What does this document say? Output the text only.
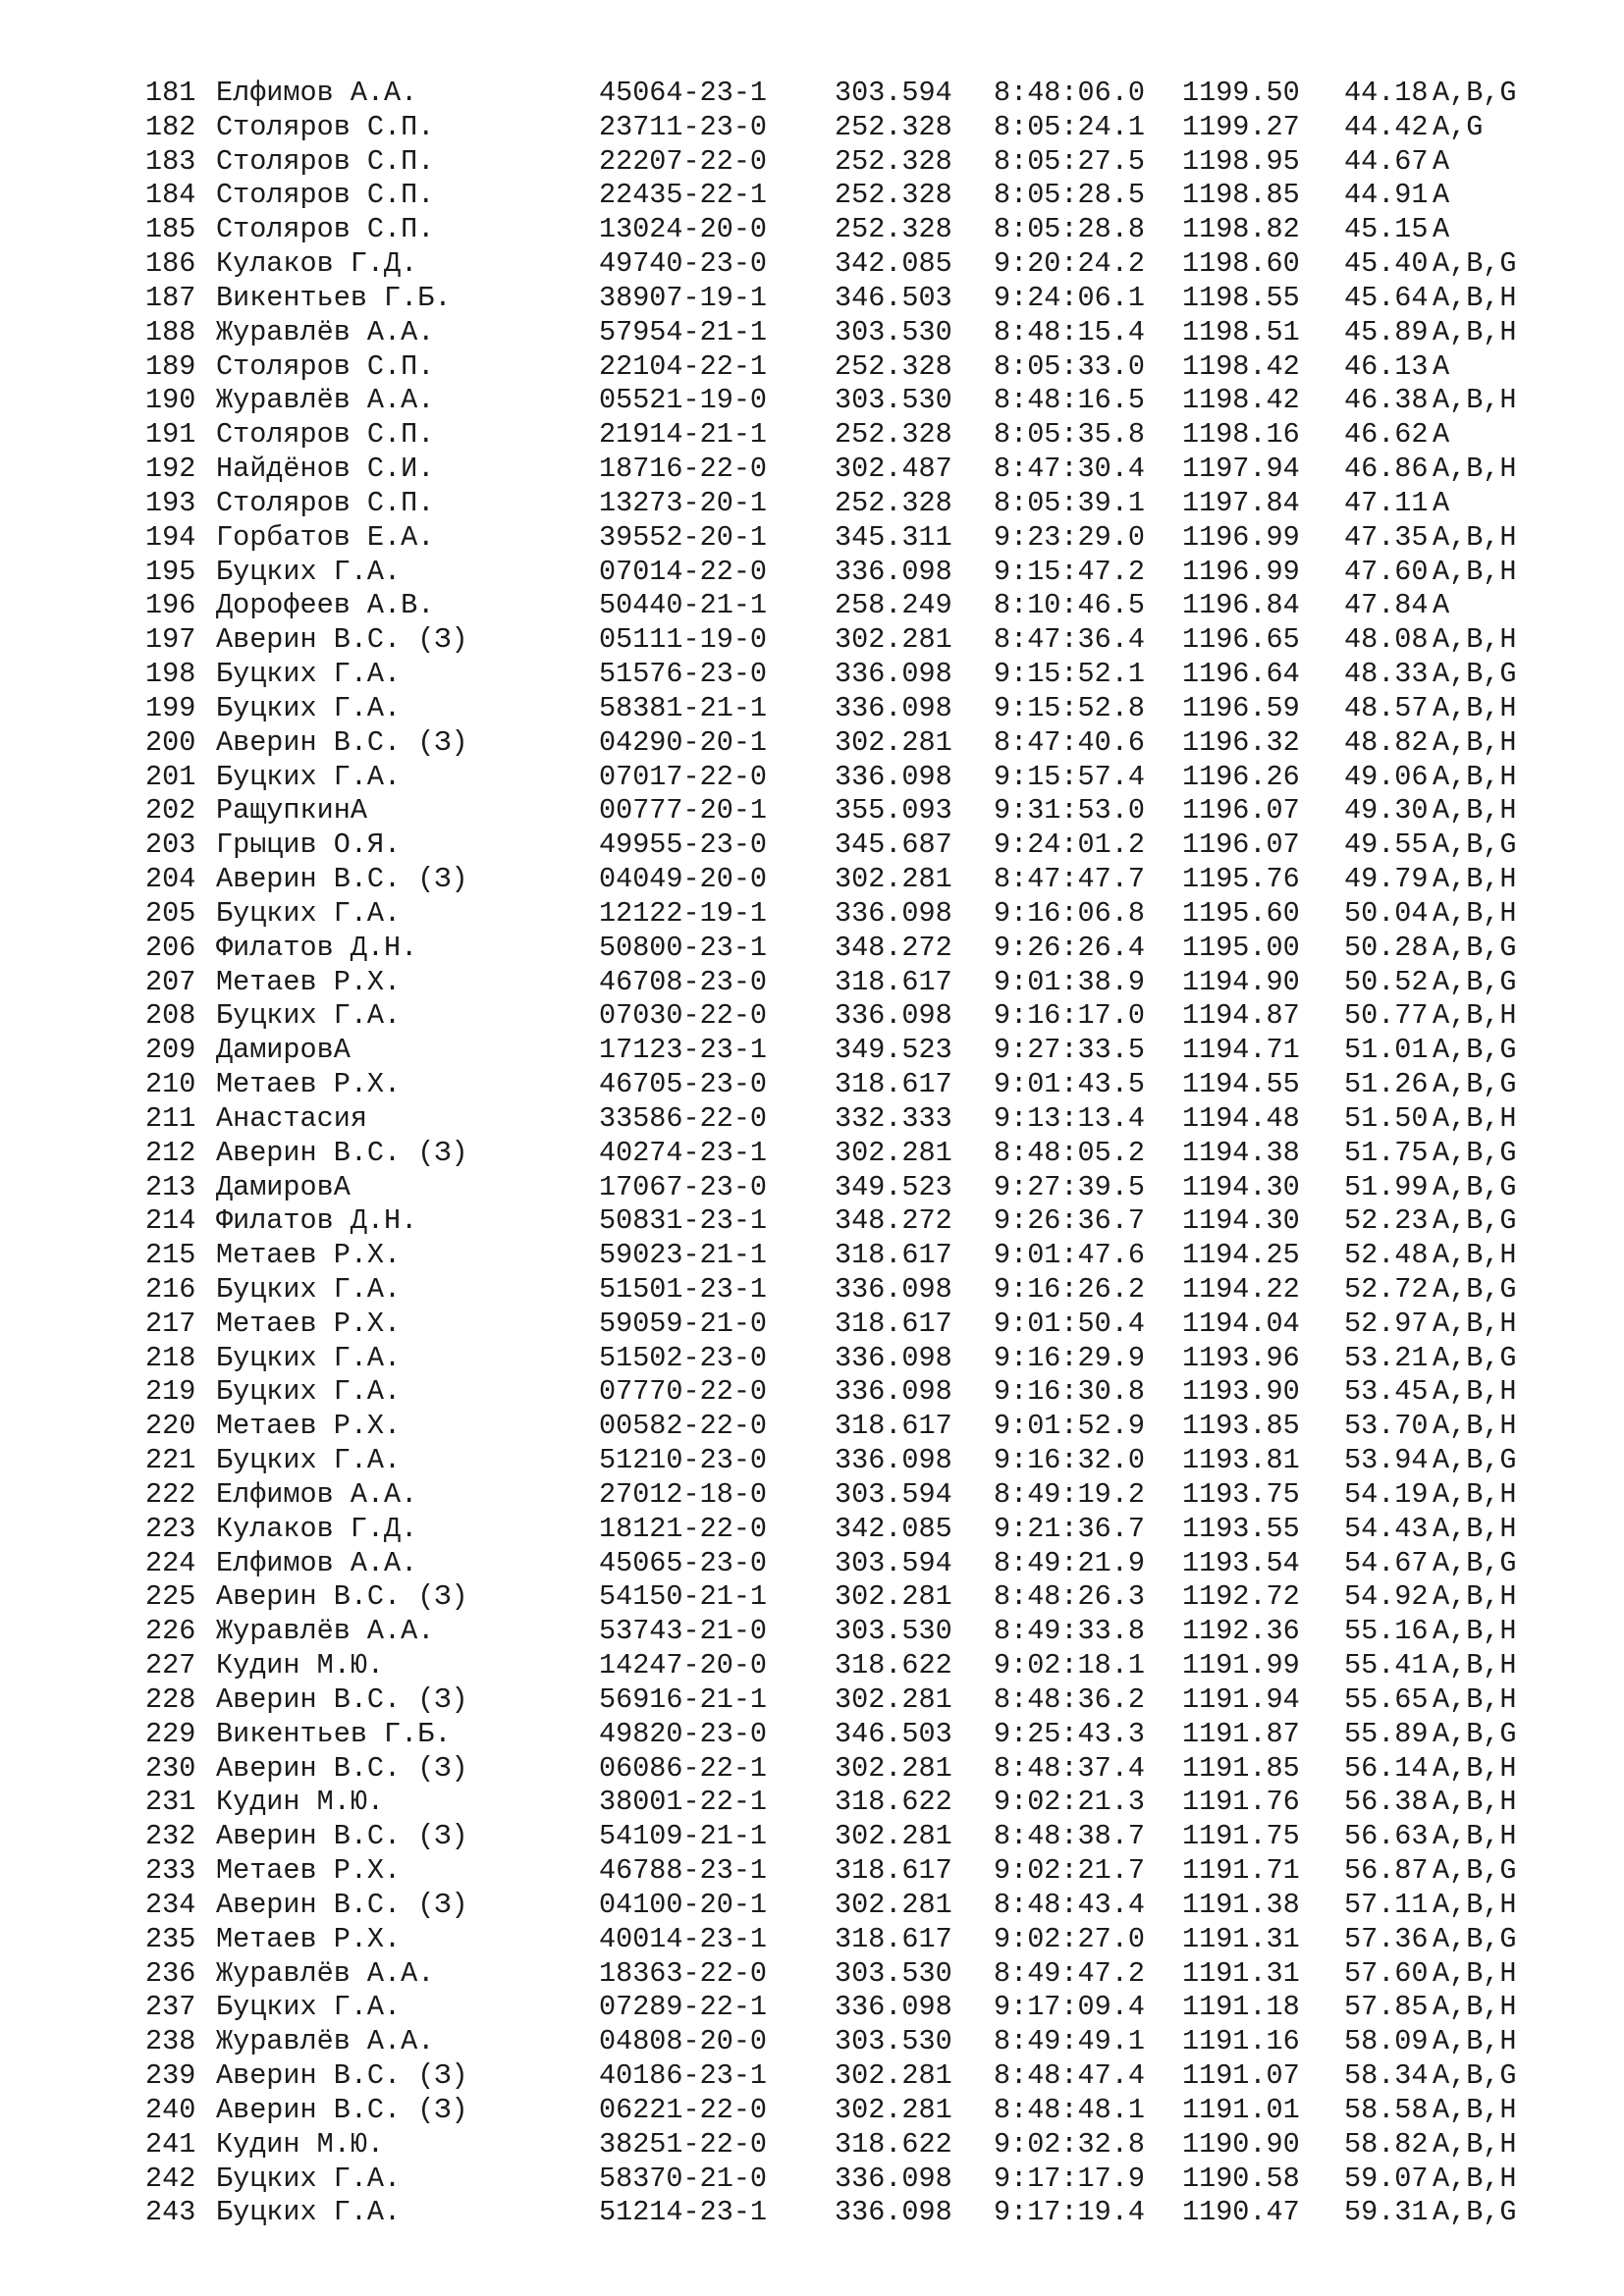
181 Елфимов А.А.	45064-23-1 303.594 8:48:06.0 1199.50 44.18 A,B,G
182 Столяров С.П.	23711-23-0 252.328 8:05:24.1 1199.27 44.42 A,G
183 Столяров С.П.	22207-22-0 252.328 8:05:27.5 1198.95 44.67 A
184 Столяров С.П.	22435-22-1 252.328 8:05:28.5 1198.85 44.91 A
185 Столяров С.П.	13024-20-0 252.328 8:05:28.8 1198.82 45.15 A
186 Кулаков Г.Д.	49740-23-0 342.085 9:20:24.2 1198.60 45.40 A,B,G
187 Викентьев Г.Б.	38907-19-1 346.503 9:24:06.1 1198.55 45.64 A,B,H
188 Журавлёв А.А.	57954-21-1 303.530 8:48:15.4 1198.51 45.89 A,B,H
189 Столяров С.П.	22104-22-1 252.328 8:05:33.0 1198.42 46.13 A
190 Журавлёв А.А.	05521-19-0 303.530 8:48:16.5 1198.42 46.38 A,B,H
191 Столяров С.П.	21914-21-1 252.328 8:05:35.8 1198.16 46.62 A
192 Найдёнов С.И.	18716-22-0 302.487 8:47:30.4 1197.94 46.86 A,B,H
193 Столяров С.П.	13273-20-1 252.328 8:05:39.1 1197.84 47.11 A
194 Горбатов Е.А.	39552-20-1 345.311 9:23:29.0 1196.99 47.35 A,B,H
195 Буцких Г.А.	07014-22-0 336.098 9:15:47.2 1196.99 47.60 A,B,H
196 Дорофеев А.В.	50440-21-1 258.249 8:10:46.5 1196.84 47.84 A
197 Аверин В.С. (З)	05111-19-0 302.281 8:47:36.4 1196.65 48.08 A,B,H
198 Буцких Г.А.	51576-23-0 336.098 9:15:52.1 1196.64 48.33 A,B,G
199 Буцких Г.А.	58381-21-1 336.098 9:15:52.8 1196.59 48.57 A,B,H
200 Аверин В.С. (З)	04290-20-1 302.281 8:47:40.6 1196.32 48.82 A,B,H
201 Буцких Г.А.	07017-22-0 336.098 9:15:57.4 1196.26 49.06 A,B,H
202 РащупкинА	00777-20-1 355.093 9:31:53.0 1196.07 49.30 A,B,H
203 Грыцив О.Я.	49955-23-0 345.687 9:24:01.2 1196.07 49.55 A,B,G
204 Аверин В.С. (З)	04049-20-0 302.281 8:47:47.7 1195.76 49.79 A,B,H
205 Буцких Г.А.	12122-19-1 336.098 9:16:06.8 1195.60 50.04 A,B,H
206 Филатов Д.Н.	50800-23-1 348.272 9:26:26.4 1195.00 50.28 A,B,G
207 Метаев Р.Х.	46708-23-0 318.617 9:01:38.9 1194.90 50.52 A,B,G
208 Буцких Г.А.	07030-22-0 336.098 9:16:17.0 1194.87 50.77 A,B,H
209 ДамировА	17123-23-1 349.523 9:27:33.5 1194.71 51.01 A,B,G
210 Метаев Р.Х.	46705-23-0 318.617 9:01:43.5 1194.55 51.26 A,B,G
211 Анастасия	33586-22-0 332.333 9:13:13.4 1194.48 51.50 A,B,H
212 Аверин В.С. (З)	40274-23-1 302.281 8:48:05.2 1194.38 51.75 A,B,G
213 ДамировА	17067-23-0 349.523 9:27:39.5 1194.30 51.99 A,B,G
214 Филатов Д.Н.	50831-23-1 348.272 9:26:36.7 1194.30 52.23 A,B,G
215 Метаев Р.Х.	59023-21-1 318.617 9:01:47.6 1194.25 52.48 A,B,H
216 Буцких Г.А.	51501-23-1 336.098 9:16:26.2 1194.22 52.72 A,B,G
217 Метаев Р.Х.	59059-21-0 318.617 9:01:50.4 1194.04 52.97 A,B,H
218 Буцких Г.А.	51502-23-0 336.098 9:16:29.9 1193.96 53.21 A,B,G
219 Буцких Г.А.	07770-22-0 336.098 9:16:30.8 1193.90 53.45 A,B,H
220 Метаев Р.Х.	00582-22-0 318.617 9:01:52.9 1193.85 53.70 A,B,H
221 Буцких Г.А.	51210-23-0 336.098 9:16:32.0 1193.81 53.94 A,B,G
222 Елфимов А.А.	27012-18-0 303.594 8:49:19.2 1193.75 54.19 A,B,H
223 Кулаков Г.Д.	18121-22-0 342.085 9:21:36.7 1193.55 54.43 A,B,H
224 Елфимов А.А.	45065-23-0 303.594 8:49:21.9 1193.54 54.67 A,B,G
225 Аверин В.С. (З)	54150-21-1 302.281 8:48:26.3 1192.72 54.92 A,B,H
226 Журавлёв А.А.	53743-21-0 303.530 8:49:33.8 1192.36 55.16 A,B,H
227 Кудин М.Ю.	14247-20-0 318.622 9:02:18.1 1191.99 55.41 A,B,H
228 Аверин В.С. (З)	56916-21-1 302.281 8:48:36.2 1191.94 55.65 A,B,H
229 Викентьев Г.Б.	49820-23-0 346.503 9:25:43.3 1191.87 55.89 A,B,G
230 Аверин В.С. (З)	06086-22-1 302.281 8:48:37.4 1191.85 56.14 A,B,H
231 Кудин М.Ю.	38001-22-1 318.622 9:02:21.3 1191.76 56.38 A,B,H
232 Аверин В.С. (З)	54109-21-1 302.281 8:48:38.7 1191.75 56.63 A,B,H
233 Метаев Р.Х.	46788-23-1 318.617 9:02:21.7 1191.71 56.87 A,B,G
234 Аверин В.С. (З)	04100-20-1 302.281 8:48:43.4 1191.38 57.11 A,B,H
235 Метаев Р.Х.	40014-23-1 318.617 9:02:27.0 1191.31 57.36 A,B,G
236 Журавлёв А.А.	18363-22-0 303.530 8:49:47.2 1191.31 57.60 A,B,H
237 Буцких Г.А.	07289-22-1 336.098 9:17:09.4 1191.18 57.85 A,B,H
238 Журавлёв А.А.	04808-20-0 303.530 8:49:49.1 1191.16 58.09 A,B,H
239 Аверин В.С. (З)	40186-23-1 302.281 8:48:47.4 1191.07 58.34 A,B,G
240 Аверин В.С. (З)	06221-22-0 302.281 8:48:48.1 1191.01 58.58 A,B,H
241 Кудин М.Ю.	38251-22-0 318.622 9:02:32.8 1190.90 58.82 A,B,H
242 Буцких Г.А.	58370-21-0 336.098 9:17:17.9 1190.58 59.07 A,B,H
243 Буцких Г.А.	51214-23-1 336.098 9:17:19.4 1190.47 59.31 A,B,G
